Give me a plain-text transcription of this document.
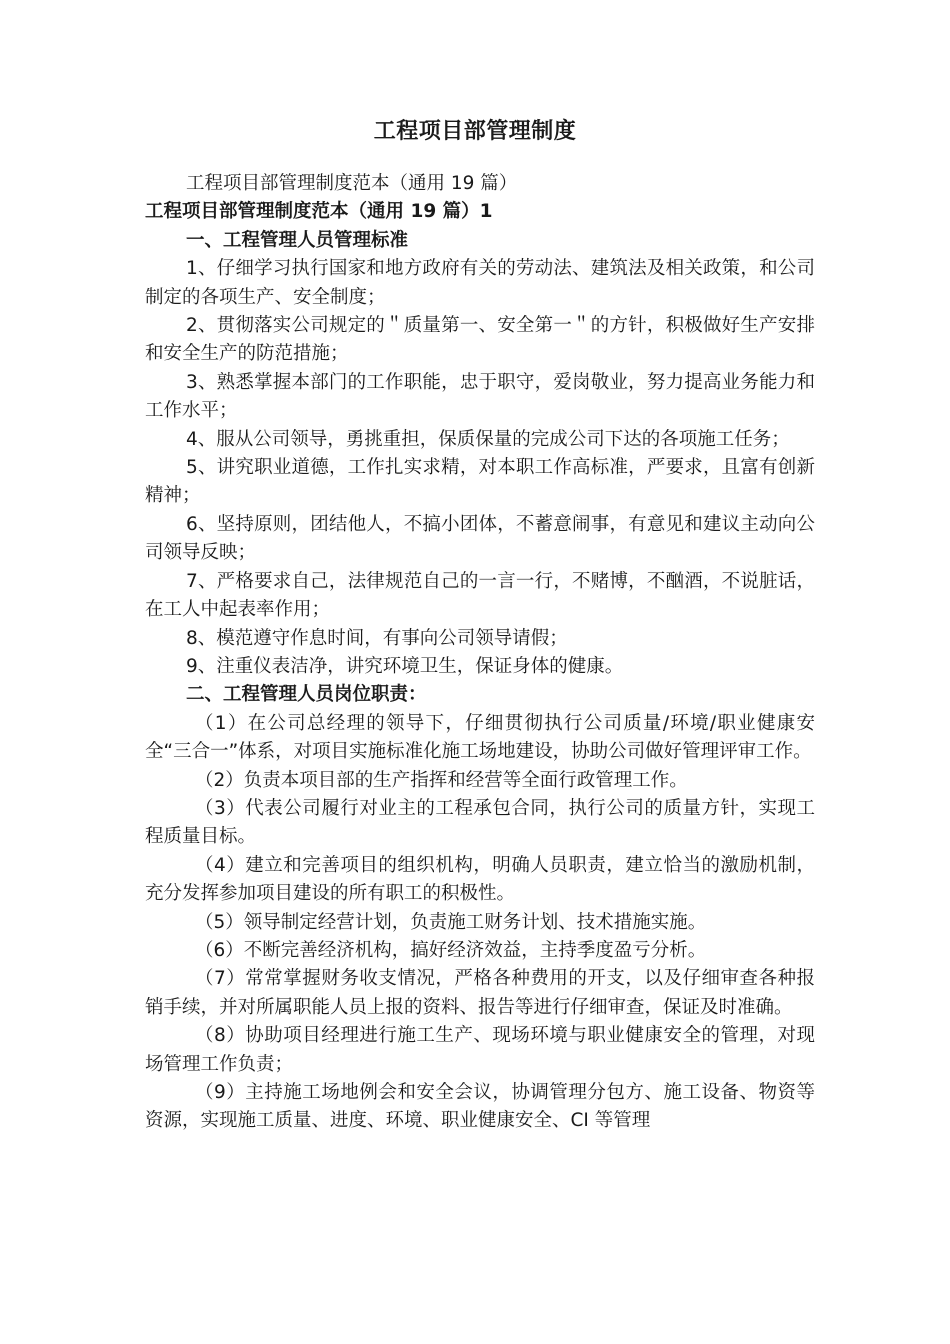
工程项目部管理制度

工程项目部管理制度范本（通用 19 篇）

工程项目部管理制度范本（通用 19 篇）1

一、工程管理人员管理标准

1、仔细学习执行国家和地方政府有关的劳动法、建筑法及相关政策，和公司制定的各项生产、安全制度；

2、贯彻落实公司规定的＂质量第一、安全第一＂的方针，积极做好生产安排和安全生产的防范措施；

3、熟悉掌握本部门的工作职能，忠于职守，爱岗敬业，努力提高业务能力和工作水平；

4、服从公司领导，勇挑重担，保质保量的完成公司下达的各项施工任务；

5、讲究职业道德，工作扎实求精，对本职工作高标准，严要求，且富有创新精神；

6、坚持原则，团结他人，不搞小团体，不蓄意闹事，有意见和建议主动向公司领导反映；

7、严格要求自己，法律规范自己的一言一行，不赌博，不酗酒，不说脏话，在工人中起表率作用；

8、模范遵守作息时间，有事向公司领导请假；

9、注重仪表洁净，讲究环境卫生，保证身体的健康。

二、工程管理人员岗位职责：

（1）在公司总经理的领导下，仔细贯彻执行公司质量/环境/职业健康安全“三合一”体系，对项目实施标准化施工场地建设，协助公司做好管理评审工作。

（2）负责本项目部的生产指挥和经营等全面行政管理工作。

（3）代表公司履行对业主的工程承包合同，执行公司的质量方针，实现工程质量目标。

（4）建立和完善项目的组织机构，明确人员职责，建立恰当的激励机制，充分发挥参加项目建设的所有职工的积极性。

（5）领导制定经营计划，负责施工财务计划、技术措施实施。

（6）不断完善经济机构，搞好经济效益，主持季度盈亏分析。

（7）常常掌握财务收支情况，严格各种费用的开支，以及仔细审查各种报销手续，并对所属职能人员上报的资料、报告等进行仔细审查，保证及时准确。

（8）协助项目经理进行施工生产、现场环境与职业健康安全的管理，对现场管理工作负责；

（9）主持施工场地例会和安全会议，协调管理分包方、施工设备、物资等资源，实现施工质量、进度、环境、职业健康安全、CI 等管理
